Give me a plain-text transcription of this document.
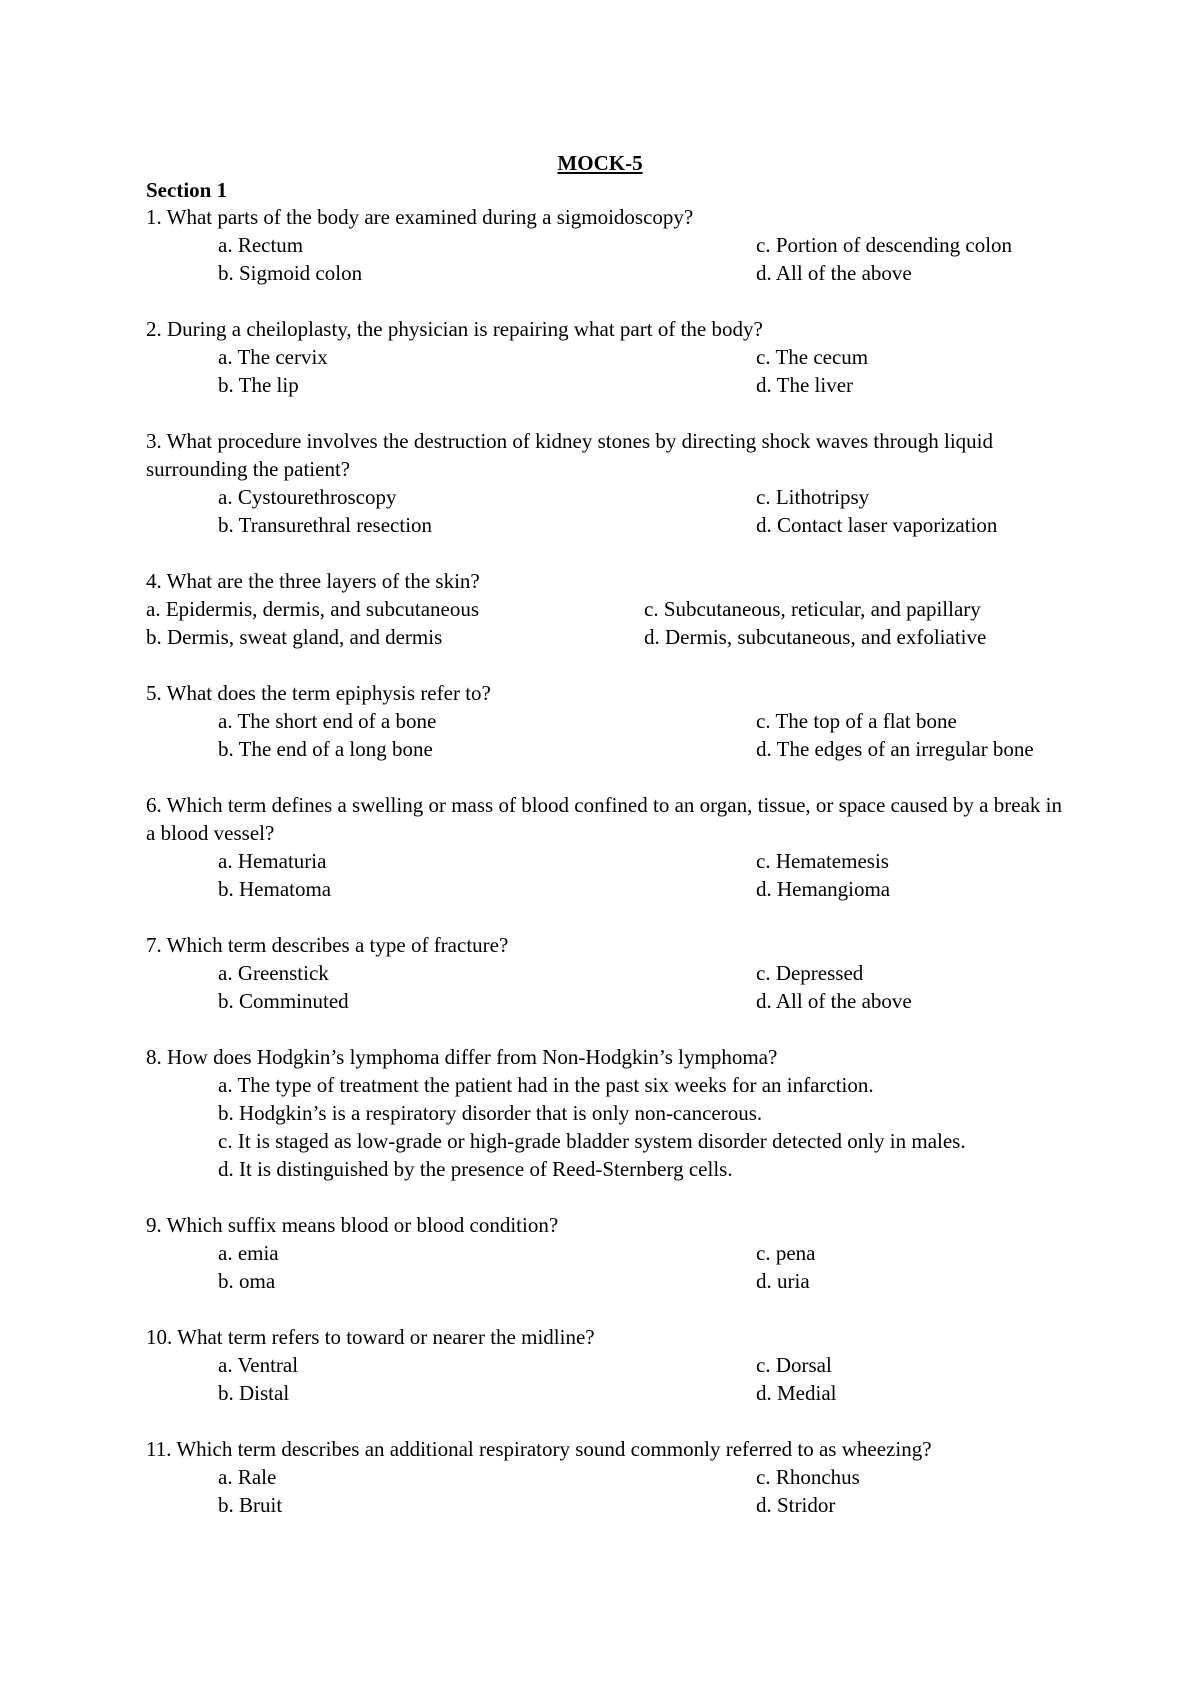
MOCK-5
Section 1
1. What parts of the body are examined during a sigmoidoscopy?
a. Rectum	c. Portion of descending colon
b. Sigmoid colon	d. All of the above
2. During a cheiloplasty, the physician is repairing what part of the body?
a. The cervix	c. The cecum
b. The lip	d. The liver
3. What procedure involves the destruction of kidney stones by directing shock waves through liquid surrounding the patient?
a. Cystourethroscopy	c. Lithotripsy
b. Transurethral resection	d. Contact laser vaporization
4. What are the three layers of the skin?
a. Epidermis, dermis, and subcutaneous	c. Subcutaneous, reticular, and papillary
b. Dermis, sweat gland, and dermis	d. Dermis, subcutaneous, and exfoliative
5. What does the term epiphysis refer to?
a. The short end of a bone	c. The top of a flat bone
b. The end of a long bone	d. The edges of an irregular bone
6. Which term defines a swelling or mass of blood confined to an organ, tissue, or space caused by a break in a blood vessel?
a. Hematuria	c. Hematemesis
b. Hematoma	d. Hemangioma
7. Which term describes a type of fracture?
a. Greenstick	c. Depressed
b. Comminuted	d. All of the above
8. How does Hodgkin’s lymphoma differ from Non-Hodgkin’s lymphoma?
a. The type of treatment the patient had in the past six weeks for an infarction.
b. Hodgkin’s is a respiratory disorder that is only non-cancerous.
c. It is staged as low-grade or high-grade bladder system disorder detected only in males.
d. It is distinguished by the presence of Reed-Sternberg cells.
9. Which suffix means blood or blood condition?
a. emia	c. pena
b. oma	d. uria
10. What term refers to toward or nearer the midline?
a. Ventral	c. Dorsal
b. Distal	d. Medial
11. Which term describes an additional respiratory sound commonly referred to as wheezing?
a. Rale	c. Rhonchus
b. Bruit	d. Stridor
